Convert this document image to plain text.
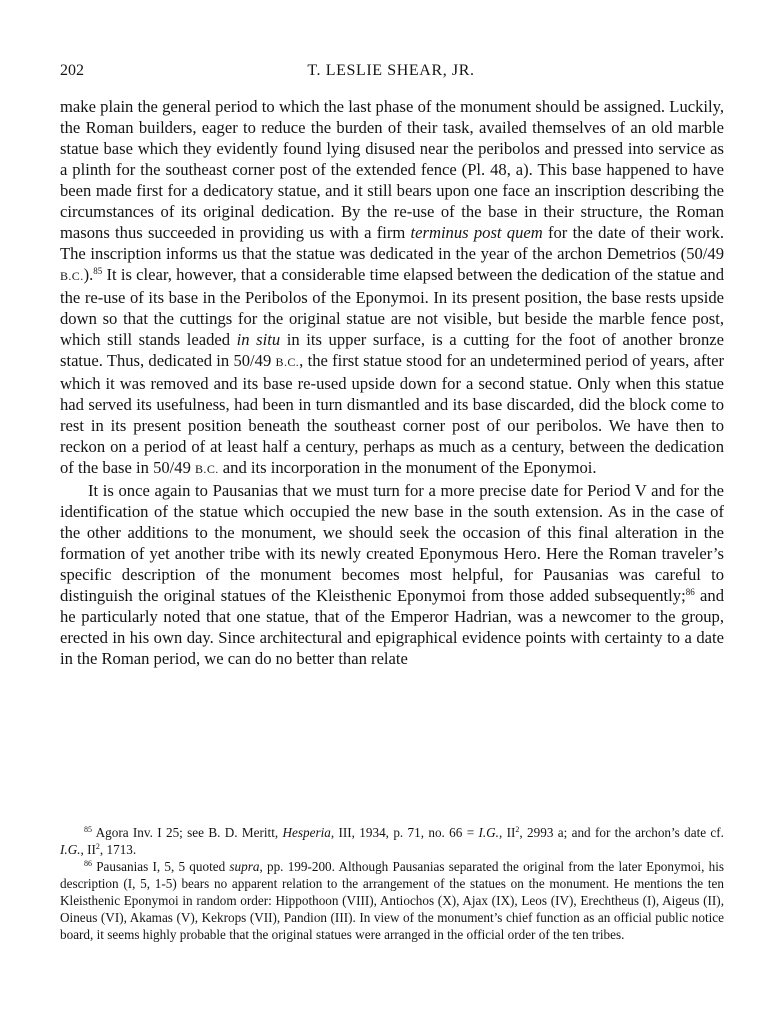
202	T. LESLIE SHEAR, JR.

make plain the general period to which the last phase of the monument should be assigned. Luckily, the Roman builders, eager to reduce the burden of their task, availed themselves of an old marble statue base which they evidently found lying disused near the peribolos and pressed into service as a plinth for the southeast corner post of the extended fence (Pl. 48, a). This base happened to have been made first for a dedicatory statue, and it still bears upon one face an inscription describing the circumstances of its original dedication. By the re-use of the base in their structure, the Roman masons thus succeeded in providing us with a firm terminus post quem for the date of their work. The inscription informs us that the statue was dedicated in the year of the archon Demetrios (50/49 B.C.).$^{85}$ It is clear, however, that a considerable time elapsed between the dedication of the statue and the re-use of its base in the Peribolos of the Eponymoi. In its present position, the base rests upside down so that the cuttings for the original statue are not visible, but beside the marble fence post, which still stands leaded in situ in its upper surface, is a cutting for the foot of another bronze statue. Thus, dedicated in 50/49 B.C., the first statue stood for an undetermined period of years, after which it was removed and its base re-used upside down for a second statue. Only when this statue had served its usefulness, had been in turn dismantled and its base discarded, did the block come to rest in its present position beneath the southeast corner post of our peribolos. We have then to reckon on a period of at least half a century, perhaps as much as a century, between the dedication of the base in 50/49 B.C. and its incorporation in the monument of the Eponymoi.

It is once again to Pausanias that we must turn for a more precise date for Period V and for the identification of the statue which occupied the new base in the south extension. As in the case of the other additions to the monument, we should seek the occasion of this final alteration in the formation of yet another tribe with its newly created Eponymous Hero. Here the Roman traveler’s specific description of the monument becomes most helpful, for Pausanias was careful to distinguish the original statues of the Kleisthenic Eponymoi from those added subsequently;$^{86}$ and he particularly noted that one statue, that of the Emperor Hadrian, was a newcomer to the group, erected in his own day. Since architectural and epigraphical evidence points with certainty to a date in the Roman period, we can do no better than relate

$^{85}$ Agora Inv. I 25; see B. D. Meritt, Hesperia, III, 1934, p. 71, no. 66 = I.G., $II^2$, 2993 a; and for the archon’s date cf. I.G., $II^2$, 1713.

$^{86}$ Pausanias I, 5, 5 quoted supra, pp. 199-200. Although Pausanias separated the original from the later Eponymoi, his description (I, 5, 1-5) bears no apparent relation to the arrangement of the statues on the monument. He mentions the ten Kleisthenic Eponymoi in random order: Hippothoon (VIII), Antiochos (X), Ajax (IX), Leos (IV), Erechtheus (I), Aigeus (II), Oineus (VI), Akamas (V), Kekrops (VII), Pandion (III). In view of the monument’s chief function as an official public notice board, it seems highly probable that the original statues were arranged in the official order of the ten tribes.
